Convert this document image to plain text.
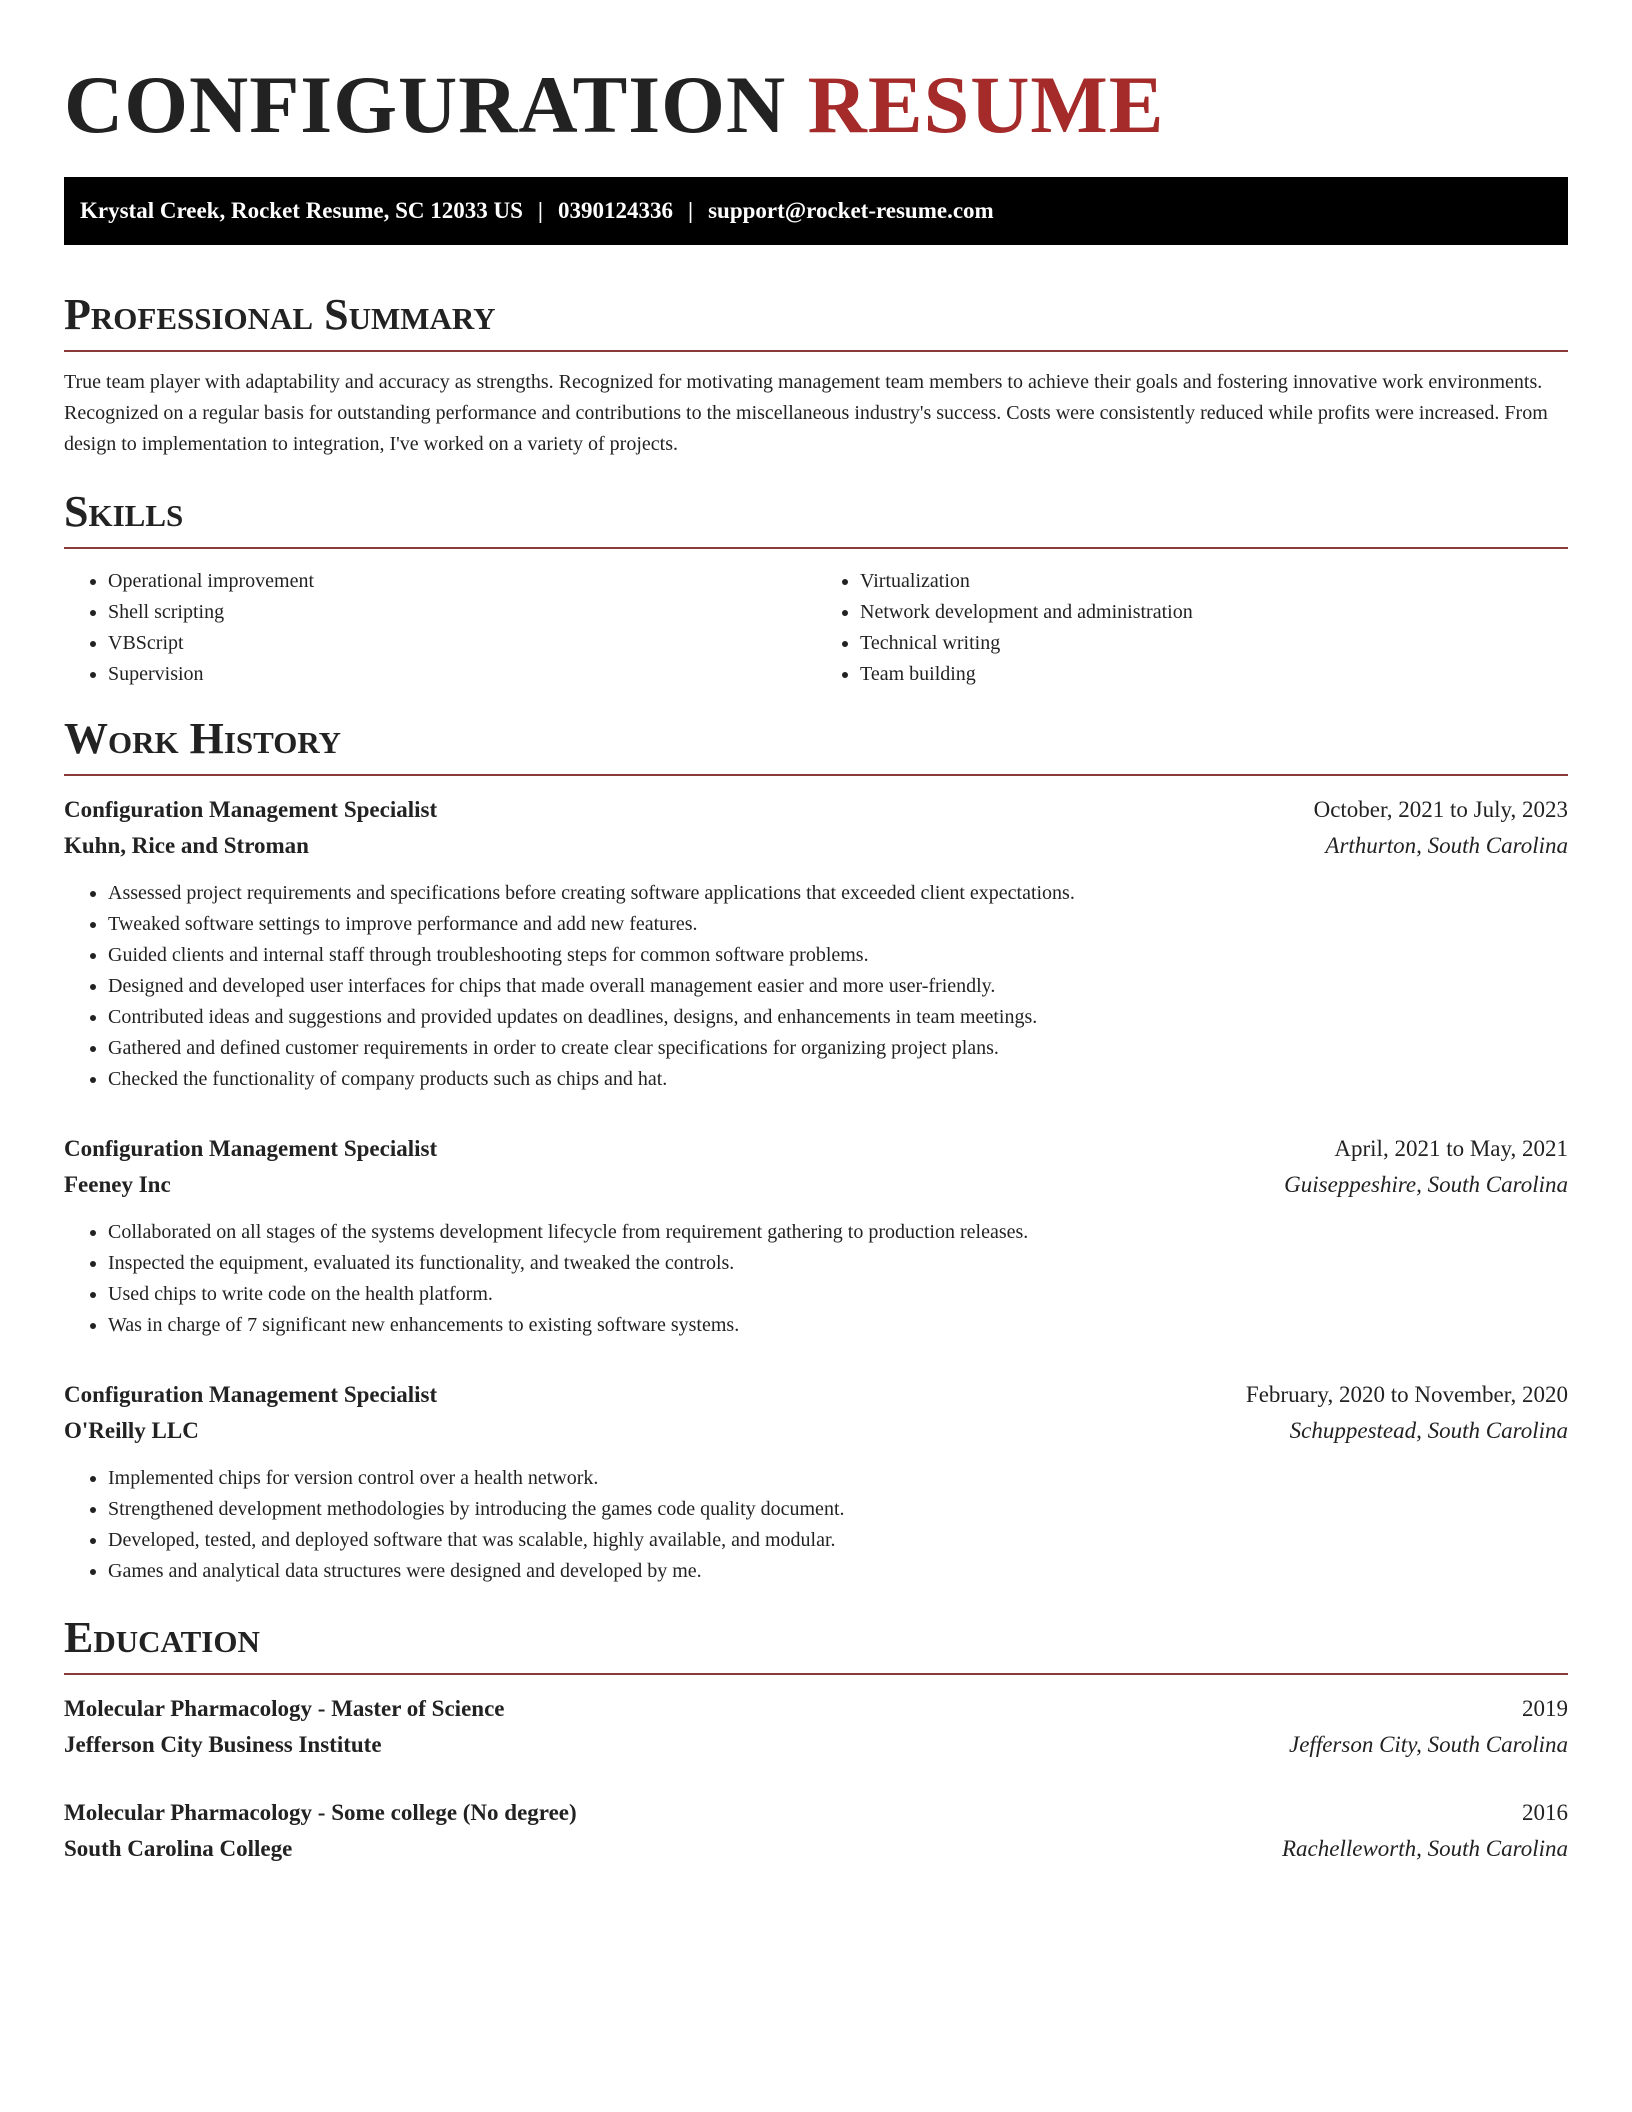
CONFIGURATION RESUME
Krystal Creek, Rocket Resume, SC 12033 US | 0390124336 | support@rocket-resume.com
Professional Summary

True team player with adaptability and accuracy as strengths. Recognized for motivating management team members to achieve their goals and fostering innovative work environments. Recognized on a regular basis for outstanding performance and contributions to the miscellaneous industry's success. Costs were consistently reduced while profits were increased. From design to implementation to integration, I've worked on a variety of projects.

Skills
• Operational improvement
• Shell scripting
• VBScript
• Supervision
• Virtualization
• Network development and administration
• Technical writing
• Team building
Work History
Configuration Management Specialist	October, 2021 to July, 2023
Kuhn, Rice and Stroman	Arthurton, South Carolina
• Assessed project requirements and specifications before creating software applications that exceeded client expectations.
• Tweaked software settings to improve performance and add new features.
• Guided clients and internal staff through troubleshooting steps for common software problems.
• Designed and developed user interfaces for chips that made overall management easier and more user-friendly.
• Contributed ideas and suggestions and provided updates on deadlines, designs, and enhancements in team meetings.
• Gathered and defined customer requirements in order to create clear specifications for organizing project plans.
• Checked the functionality of company products such as chips and hat.
Configuration Management Specialist	April, 2021 to May, 2021
Feeney Inc	Guiseppeshire, South Carolina
• Collaborated on all stages of the systems development lifecycle from requirement gathering to production releases.
• Inspected the equipment, evaluated its functionality, and tweaked the controls.
• Used chips to write code on the health platform.
• Was in charge of 7 significant new enhancements to existing software systems.
Configuration Management Specialist	February, 2020 to November, 2020
O'Reilly LLC	Schuppestead, South Carolina
• Implemented chips for version control over a health network.
• Strengthened development methodologies by introducing the games code quality document.
• Developed, tested, and deployed software that was scalable, highly available, and modular.
• Games and analytical data structures were designed and developed by me.
Education
Molecular Pharmacology - Master of Science	2019
Jefferson City Business Institute	Jefferson City, South Carolina
Molecular Pharmacology - Some college (No degree)	2016
South Carolina College	Rachelleworth, South Carolina
